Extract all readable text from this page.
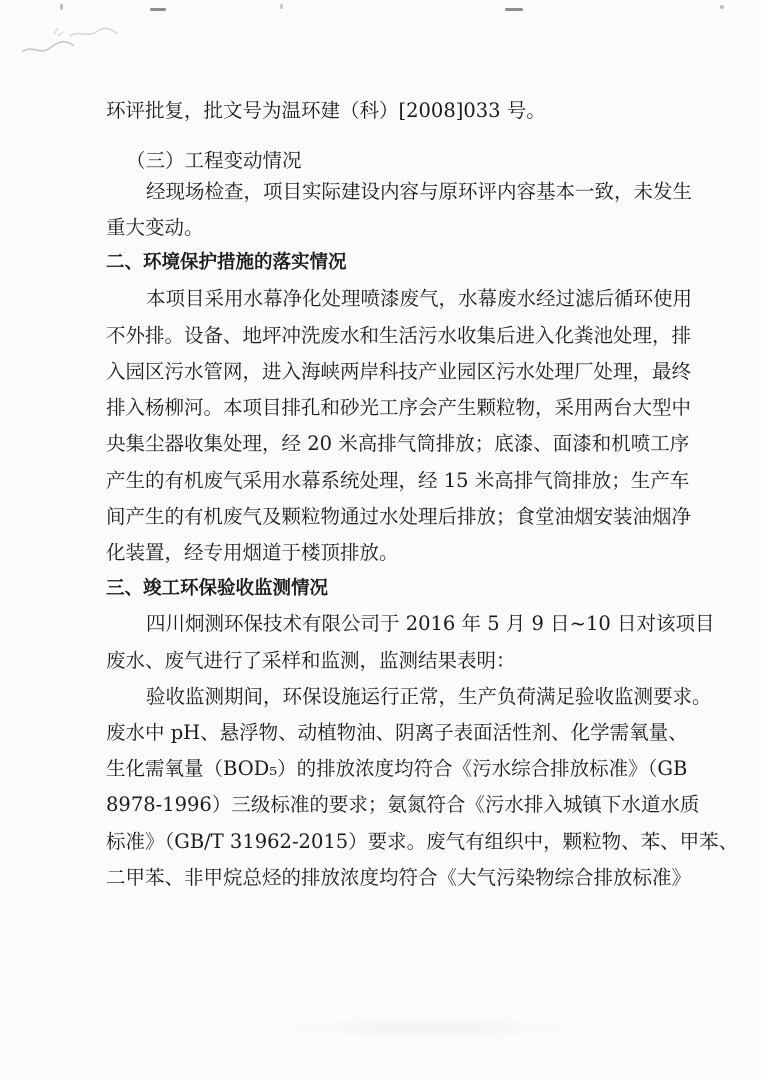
环评批复，批文号为温环建（科）[2008]033 号。
（三）工程变动情况
经现场检查，项目实际建设内容与原环评内容基本一致，未发生
重大变动。
二、环境保护措施的落实情况
本项目采用水幕净化处理喷漆废气，水幕废水经过滤后循环使用
不外排。设备、地坪冲洗废水和生活污水收集后进入化粪池处理，排
入园区污水管网，进入海峡两岸科技产业园区污水处理厂处理，最终
排入杨柳河。本项目排孔和砂光工序会产生颗粒物，采用两台大型中
央集尘器收集处理，经 20 米高排气筒排放；底漆、面漆和机喷工序
产生的有机废气采用水幕系统处理，经 15 米高排气筒排放；生产车
间产生的有机废气及颗粒物通过水处理后排放；食堂油烟安装油烟净
化装置，经专用烟道于楼顶排放。
三、竣工环保验收监测情况
四川炯测环保技术有限公司于 2016 年 5 月 9 日~10 日对该项目
废水、废气进行了采样和监测，监测结果表明：
验收监测期间，环保设施运行正常，生产负荷满足验收监测要求。
废水中 pH、悬浮物、动植物油、阴离子表面活性剂、化学需氧量、
生化需氧量（BOD₅）的排放浓度均符合《污水综合排放标准》（GB
8978-1996）三级标准的要求；氨氮符合《污水排入城镇下水道水质
标准》（GB/T 31962-2015）要求。废气有组织中，颗粒物、苯、甲苯、
二甲苯、非甲烷总烃的排放浓度均符合《大气污染物综合排放标准》
